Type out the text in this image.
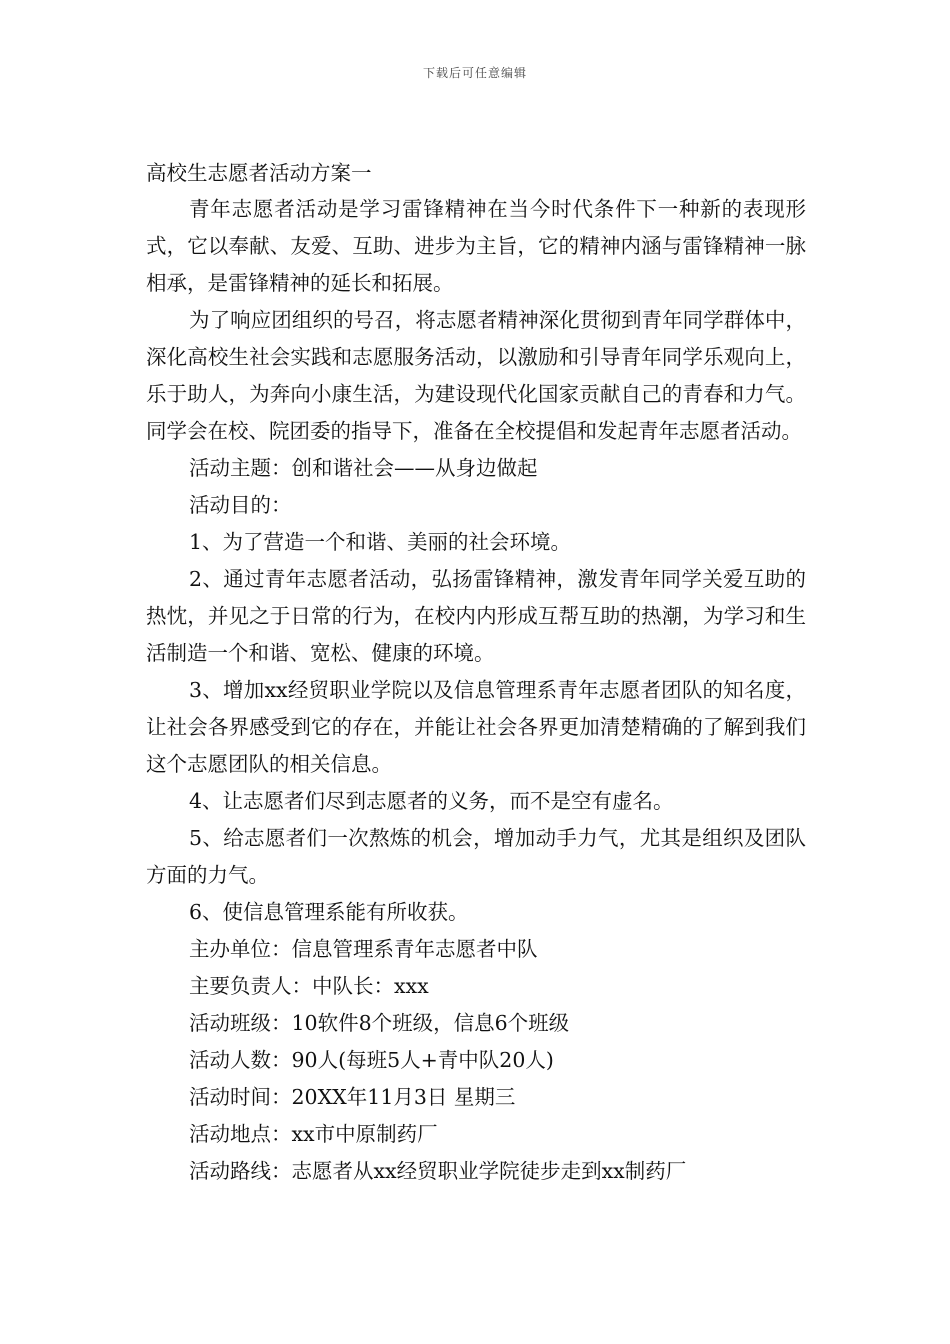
下载后可任意编辑
高校生志愿者活动方案一

青年志愿者活动是学习雷锋精神在当今时代条件下一种新的表现形式，它以奉献、友爱、互助、进步为主旨，它的精神内涵与雷锋精神一脉相承，是雷锋精神的延长和拓展。

为了响应团组织的号召，将志愿者精神深化贯彻到青年同学群体中，深化高校生社会实践和志愿服务活动，以激励和引导青年同学乐观向上，乐于助人，为奔向小康生活，为建设现代化国家贡献自己的青春和力气。同学会在校、院团委的指导下，准备在全校提倡和发起青年志愿者活动。

活动主题：创和谐社会——从身边做起

活动目的：

1、为了营造一个和谐、美丽的社会环境。

2、通过青年志愿者活动，弘扬雷锋精神，激发青年同学关爱互助的热忱，并见之于日常的行为，在校内内形成互帮互助的热潮，为学习和生活制造一个和谐、宽松、健康的环境。

3、增加xx经贸职业学院以及信息管理系青年志愿者团队的知名度，让社会各界感受到它的存在，并能让社会各界更加清楚精确的了解到我们这个志愿团队的相关信息。

4、让志愿者们尽到志愿者的义务，而不是空有虚名。

5、给志愿者们一次熬炼的机会，增加动手力气，尤其是组织及团队方面的力气。

6、使信息管理系能有所收获。

主办单位：信息管理系青年志愿者中队

主要负责人：中队长：xxx

活动班级：10软件8个班级，信息6个班级

活动人数：90人(每班5人+青中队20人)

活动时间：20XX年11月3日 星期三

活动地点：xx市中原制药厂

活动路线：志愿者从xx经贸职业学院徒步走到xx制药厂
